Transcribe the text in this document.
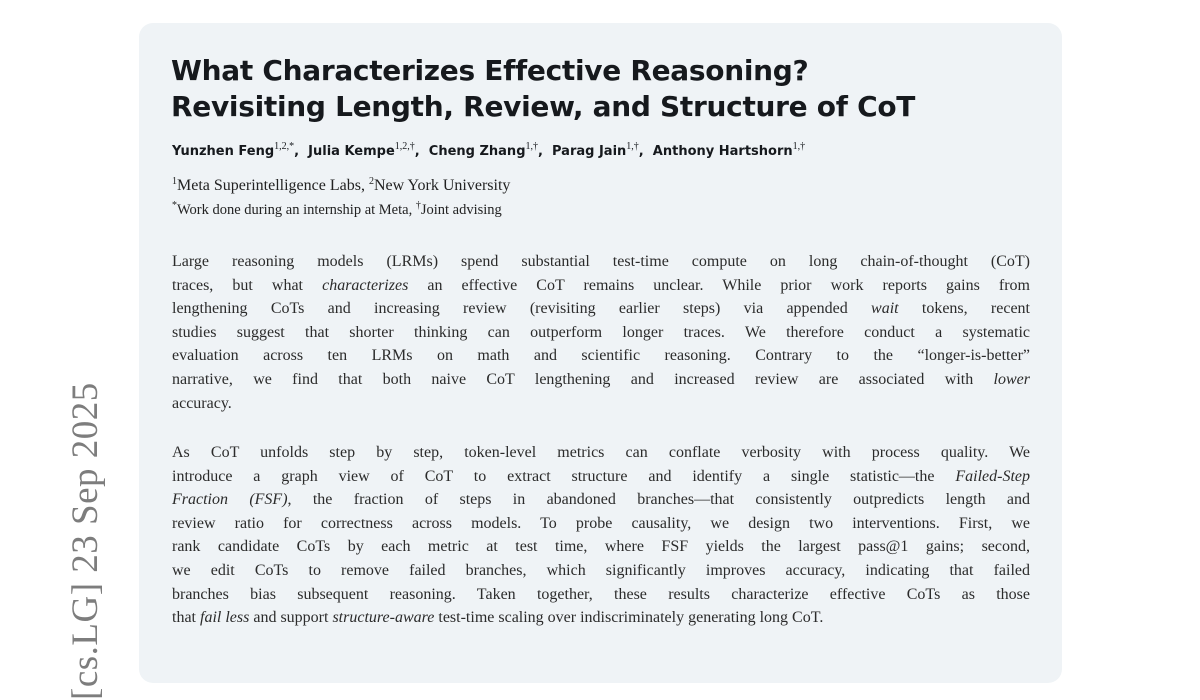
[cs.LG] 23 Sep 2025
What Characterizes Effective Reasoning?
Revisiting Length, Review, and Structure of CoT
Yunzhen Feng$^{1,2,*}$,  Julia Kempe$^{1,2,\dagger}$,  Cheng Zhang$^{1,\dagger}$,  Parag Jain$^{1,\dagger}$,  Anthony Hartshorn$^{1,\dagger}$
$^1$Meta Superintelligence Labs, $^2$New York University
*Work done during an internship at Meta, †Joint advising
Large reasoning models (LRMs) spend substantial test-time compute on long chain-of-thought (CoT)
traces, but what characterizes an effective CoT remains unclear. While prior work reports gains from
lengthening CoTs and increasing review (revisiting earlier steps) via appended wait tokens, recent
studies suggest that shorter thinking can outperform longer traces. We therefore conduct a systematic
evaluation across ten LRMs on math and scientific reasoning. Contrary to the “longer-is-better”
narrative, we find that both naive CoT lengthening and increased review are associated with lower
accuracy.
As CoT unfolds step by step, token-level metrics can conflate verbosity with process quality. We
introduce a graph view of CoT to extract structure and identify a single statistic—the Failed-Step
Fraction (FSF), the fraction of steps in abandoned branches—that consistently outpredicts length and
review ratio for correctness across models. To probe causality, we design two interventions. First, we
rank candidate CoTs by each metric at test time, where FSF yields the largest pass@1 gains; second,
we edit CoTs to remove failed branches, which significantly improves accuracy, indicating that failed
branches bias subsequent reasoning. Taken together, these results characterize effective CoTs as those
that fail less and support structure-aware test-time scaling over indiscriminately generating long CoT.
